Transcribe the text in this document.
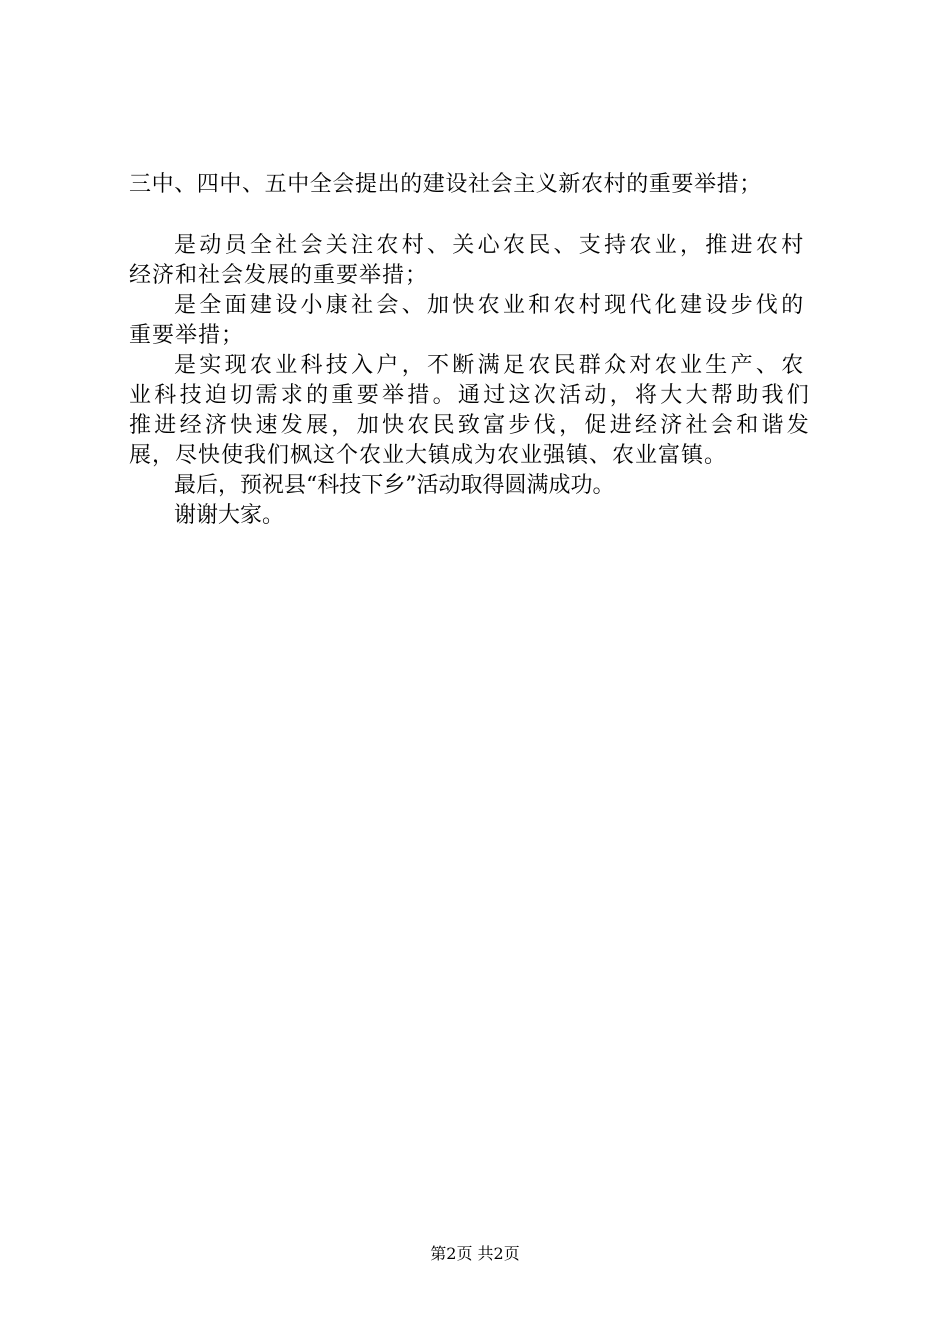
三中、四中、五中全会提出的建设社会主义新农村的重要举措；
是动员全社会关注农村、关心农民、支持农业，推进农村
经济和社会发展的重要举措；
是全面建设小康社会、加快农业和农村现代化建设步伐的
重要举措；
是实现农业科技入户，不断满足农民群众对农业生产、农
业科技迫切需求的重要举措。通过这次活动，将大大帮助我们
推进经济快速发展，加快农民致富步伐，促进经济社会和谐发
展，尽快使我们枫这个农业大镇成为农业强镇、农业富镇。
最后，预祝县“科技下乡”活动取得圆满成功。
谢谢大家。
第2页 共2页
